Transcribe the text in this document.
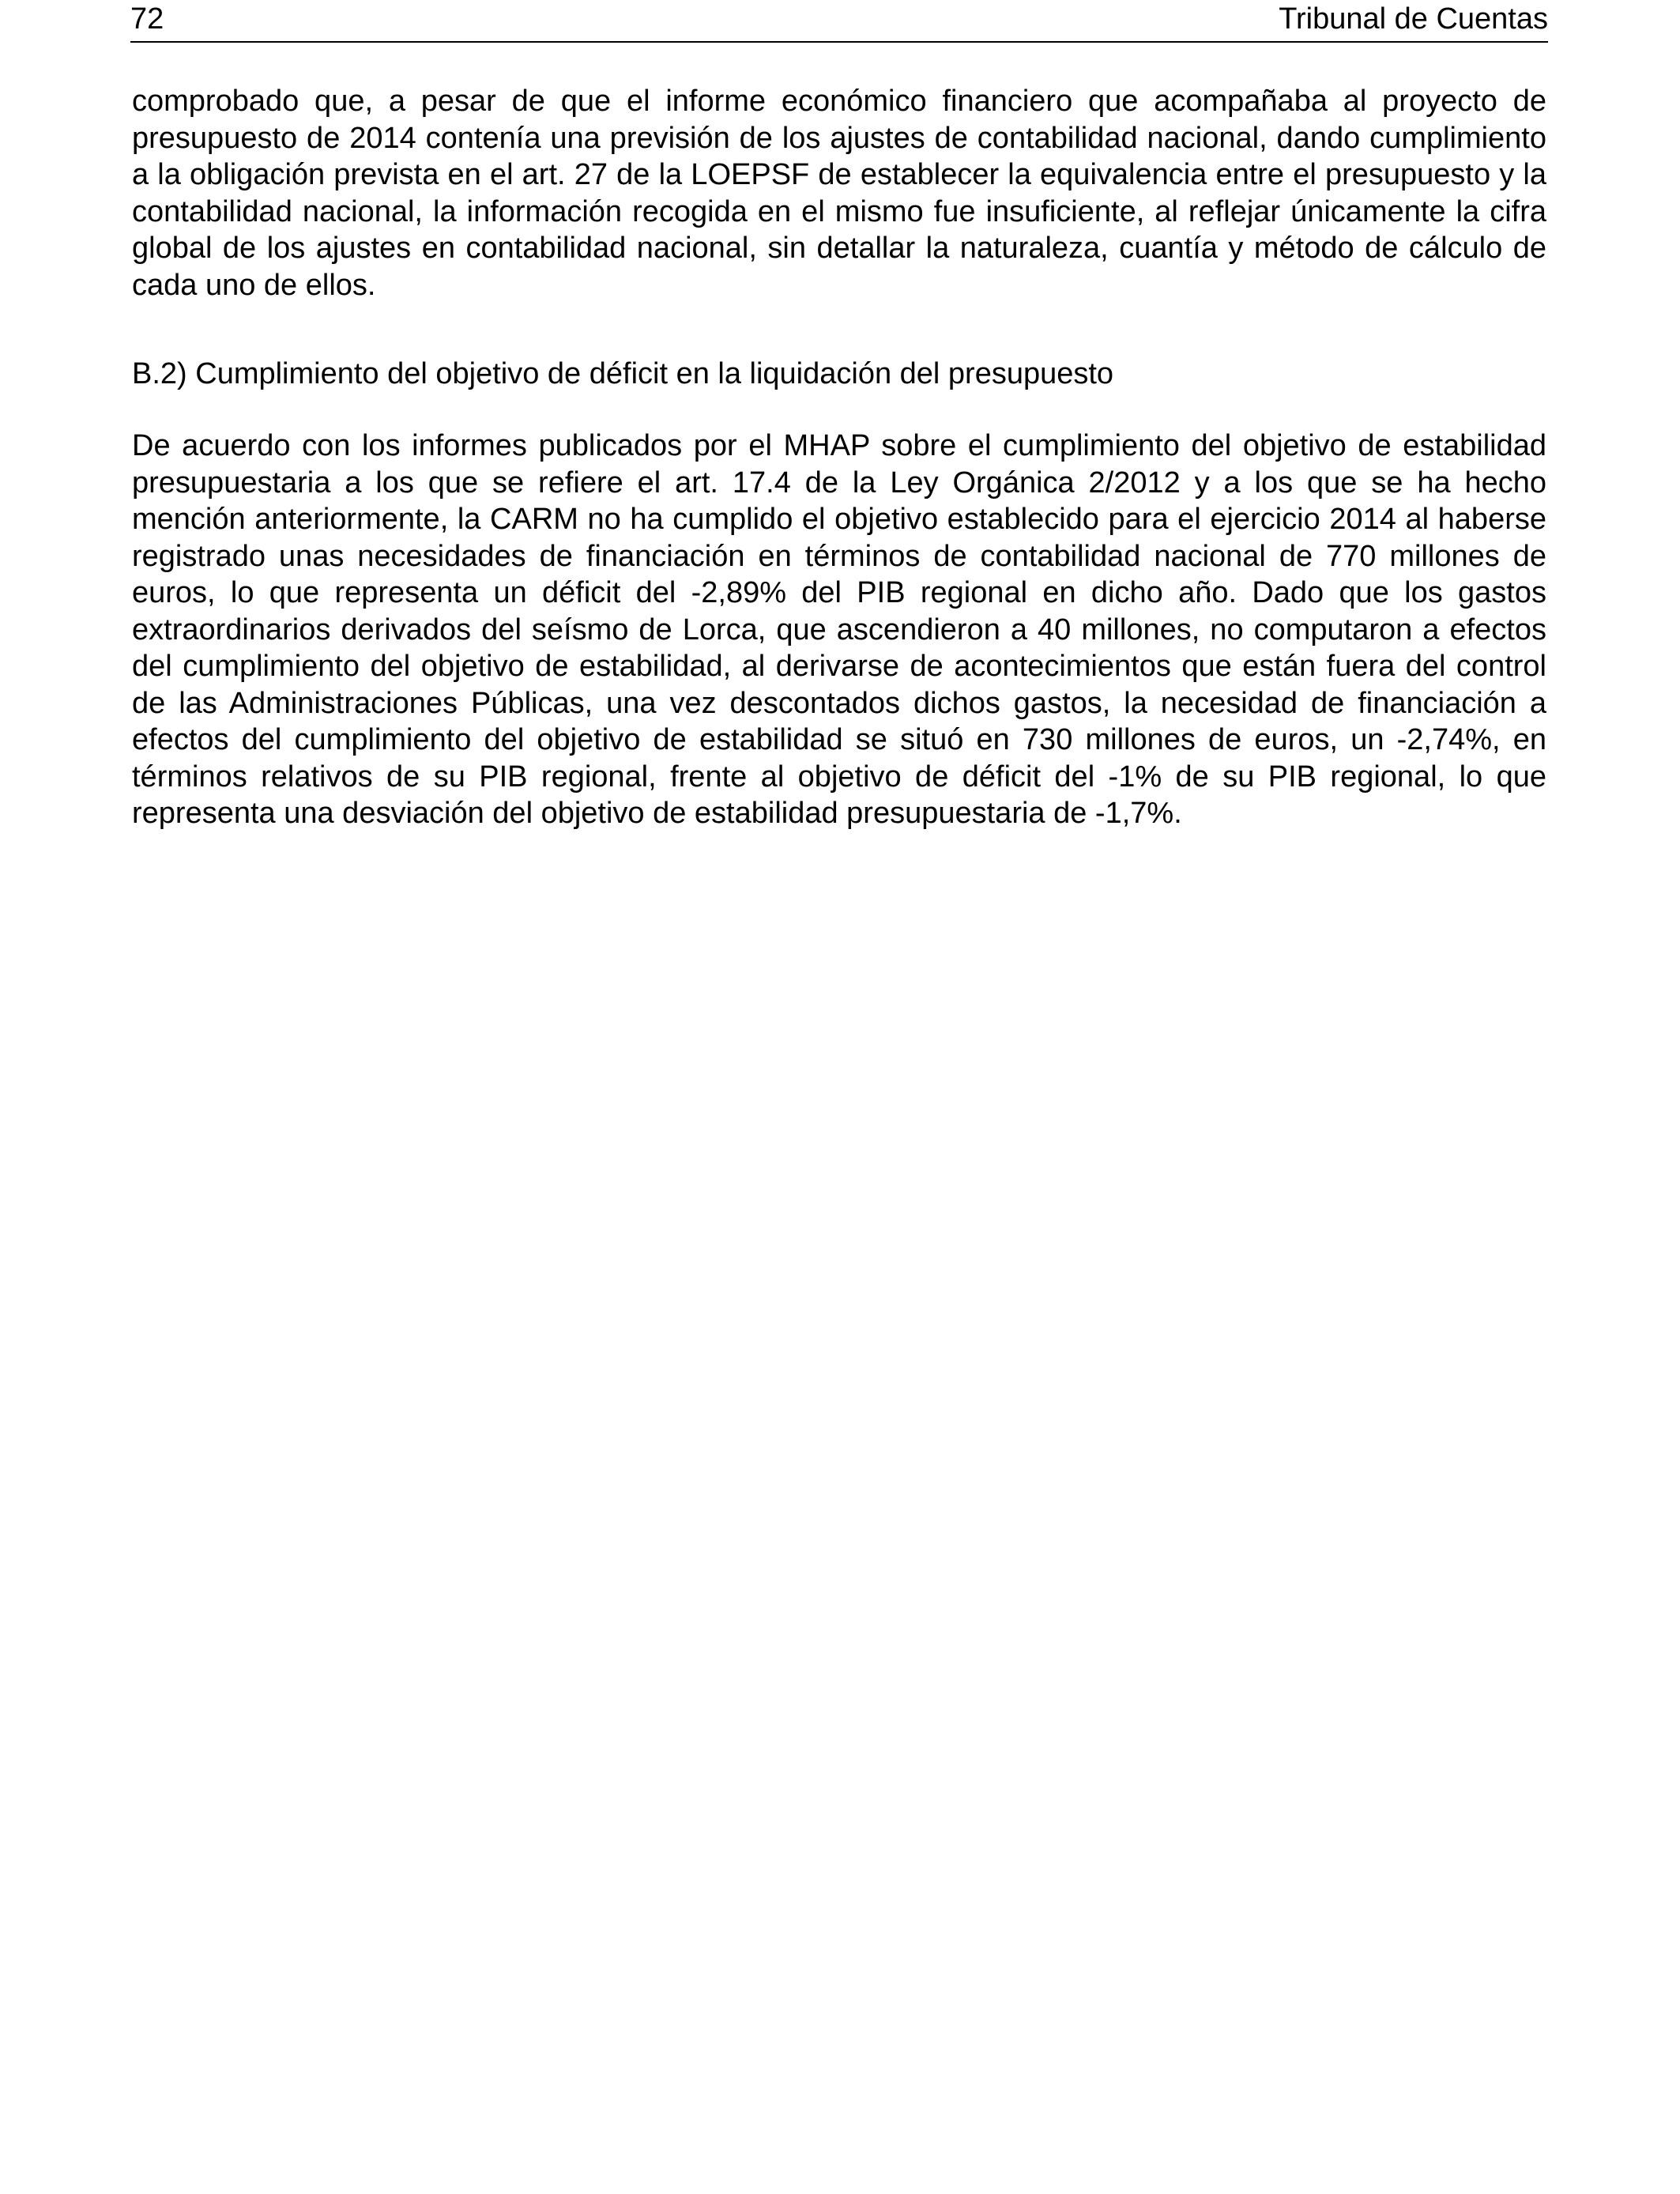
72	Tribunal de Cuentas

comprobado que, a pesar de que el informe económico financiero que acompañaba al proyecto de presupuesto de 2014 contenía una previsión de los ajustes de contabilidad nacional, dando cumplimiento a la obligación prevista en el art. 27 de la LOEPSF de establecer la equivalencia entre el presupuesto y la contabilidad nacional, la información recogida en el mismo fue insuficiente, al reflejar únicamente la cifra global de los ajustes en contabilidad nacional, sin detallar la naturaleza, cuantía y método de cálculo de cada uno de ellos.

B.2) Cumplimiento del objetivo de déficit en la liquidación del presupuesto

De acuerdo con los informes publicados por el MHAP sobre el cumplimiento del objetivo de estabilidad presupuestaria a los que se refiere el art. 17.4 de la Ley Orgánica 2/2012 y a los que se ha hecho mención anteriormente, la CARM no ha cumplido el objetivo establecido para el ejercicio 2014 al haberse registrado unas necesidades de financiación en términos de contabilidad nacional de 770 millones de euros, lo que representa un déficit del -2,89% del PIB regional en dicho año. Dado que los gastos extraordinarios derivados del seísmo de Lorca, que ascendieron a 40 millones, no computaron a efectos del cumplimiento del objetivo de estabilidad, al derivarse de acontecimientos que están fuera del control de las Administraciones Públicas, una vez descontados dichos gastos, la necesidad de financiación a efectos del cumplimiento del objetivo de estabilidad se situó en 730 millones de euros, un -2,74%, en términos relativos de su PIB regional, frente al objetivo de déficit del -1% de su PIB regional, lo que representa una desviación del objetivo de estabilidad presupuestaria de -1,7%.
